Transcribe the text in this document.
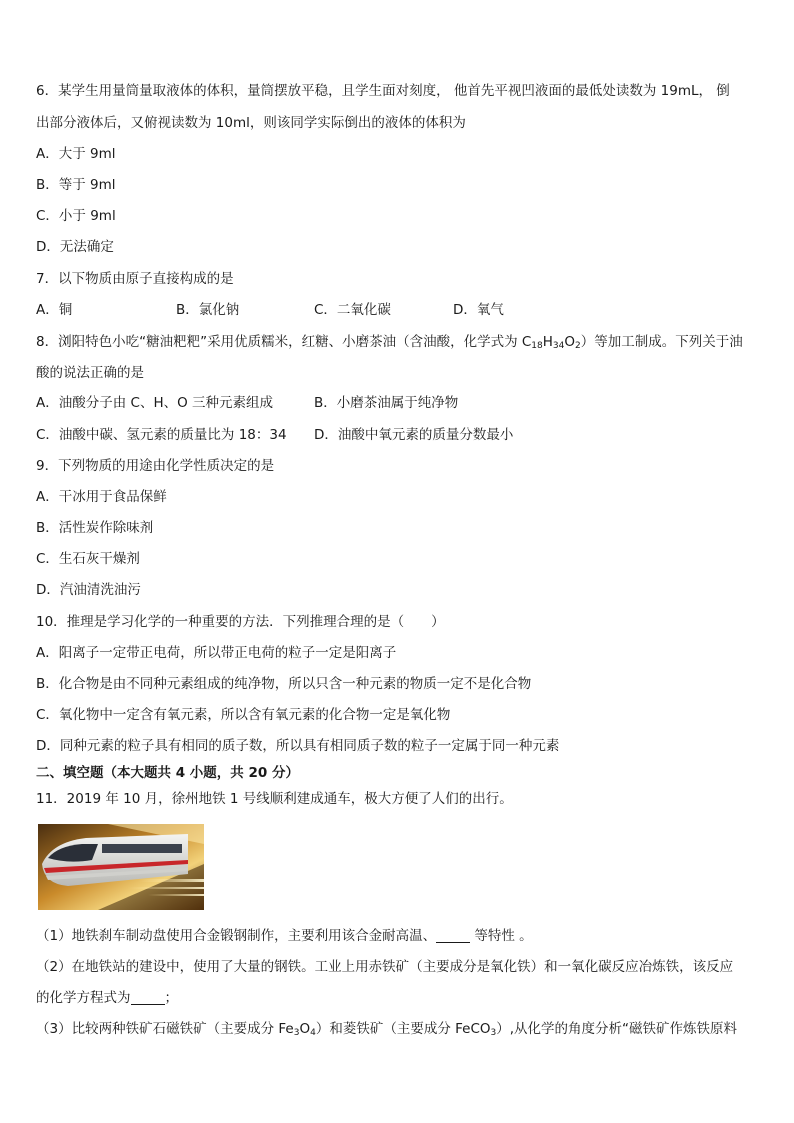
6．某学生用量筒量取液体的体积，量筒摆放平稳，且学生面对刻度， 他首先平视凹液面的最低处读数为 19mL， 倒
出部分液体后，又俯视读数为 10ml，则该同学实际倒出的液体的体积为
A．大于 9ml
B．等于 9ml
C．小于 9ml
D．无法确定
7．以下物质由原子直接构成的是
A．铜	B．氯化钠	C．二氧化碳	D．氧气
8．浏阳特色小吃“糖油粑粑”采用优质糯米，红糖、小磨茶油（含油酸，化学式为 $C_{18}H_{34}O_2$）等加工制成。下列关于油
酸的说法正确的是
A．油酸分子由 C、H、O 三种元素组成	B．小磨茶油属于纯净物
C．油酸中碳、氢元素的质量比为 18：34 D．油酸中氧元素的质量分数最小
9．下列物质的用途由化学性质决定的是
A．干冰用于食品保鲜
B．活性炭作除味剂
C．生石灰干燥剂
D．汽油清洗油污
10．推理是学习化学的一种重要的方法．下列推理合理的是（　　）
A．阳离子一定带正电荷，所以带正电荷的粒子一定是阳离子
B．化合物是由不同种元素组成的纯净物，所以只含一种元素的物质一定不是化合物
C．氧化物中一定含有氧元素，所以含有氧元素的化合物一定是氧化物
D．同种元素的粒子具有相同的质子数，所以具有相同质子数的粒子一定属于同一种元素
二、填空题（本大题共 4 小题，共 20 分）
11．2019 年 10 月，徐州地铁 1 号线顺利建成通车，极大方便了人们的出行。
（1）地铁刹车制动盘使用合金锻钢制作，主要利用该合金耐高温、	等特性 。
（2）在地铁站的建设中，使用了大量的钢铁。工业上用赤铁矿（主要成分是氧化铁）和一氧化碳反应冶炼铁，该反应
的化学方程式为	；
（3）比较两种铁矿石磁铁矿（主要成分 $Fe_3O_4$）和菱铁矿（主要成分 FeCO$_3$）,从化学的角度分析“磁铁矿作炼铁原料
